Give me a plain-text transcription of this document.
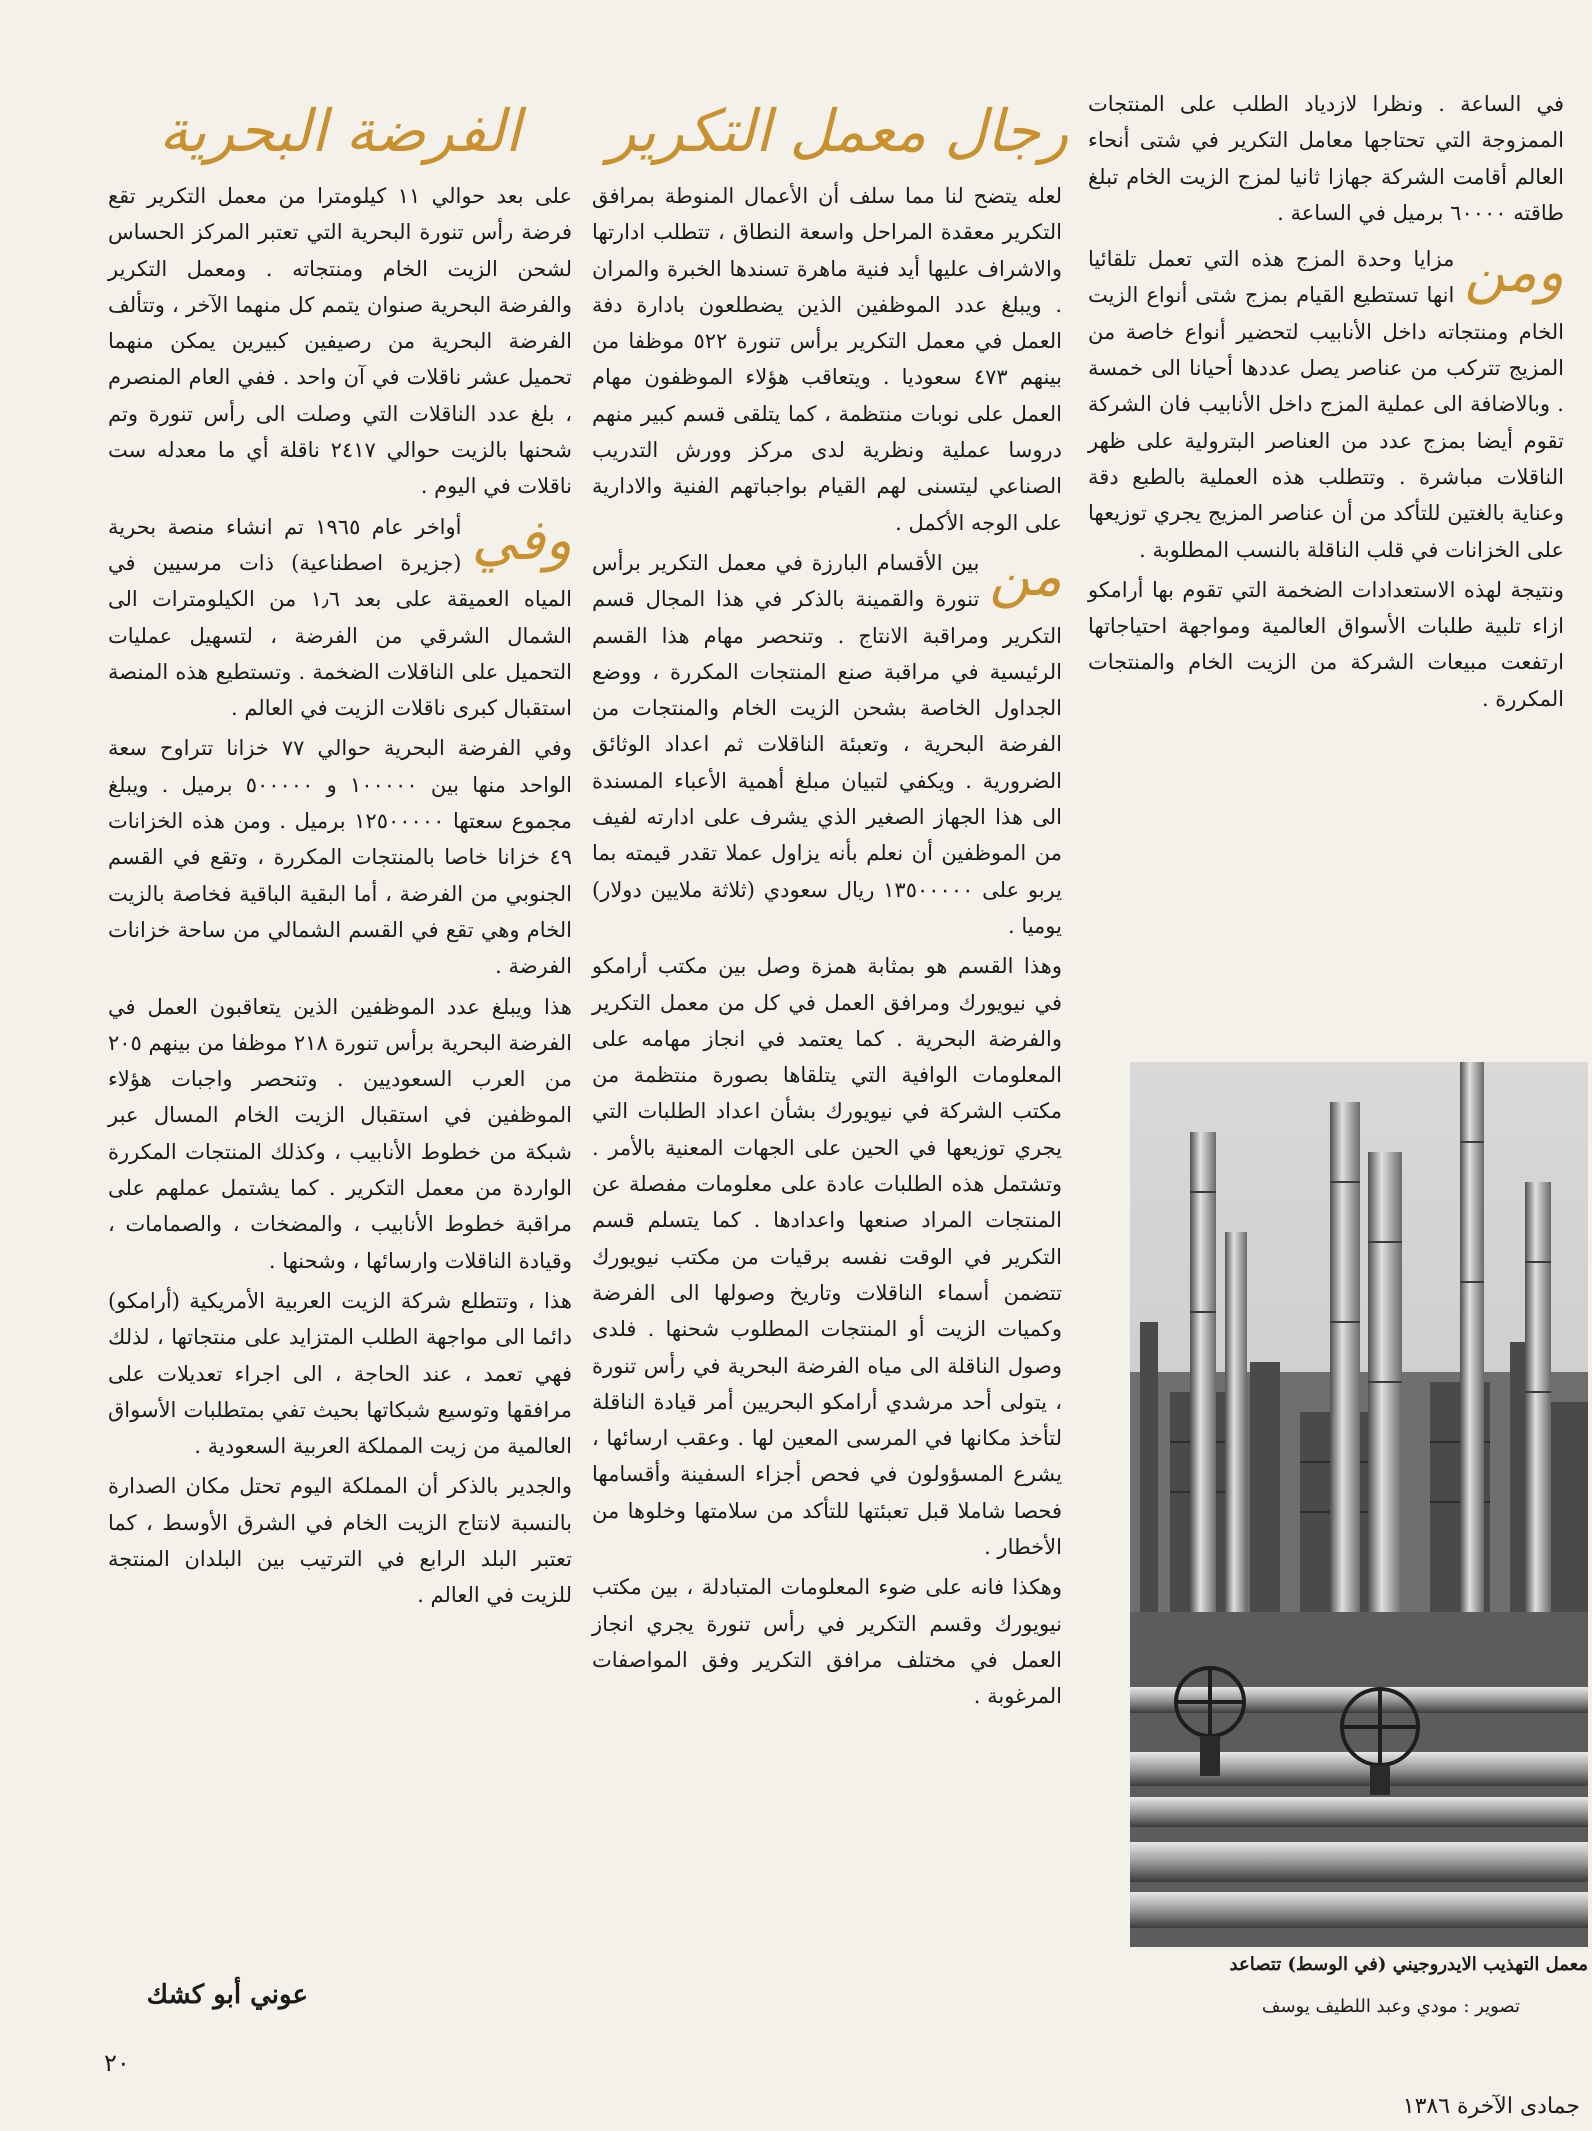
رجال معمل التكرير
الفرضة البحرية	في الساعة . ونظرا لازدياد الطلب على المنتجات الممزوجة التي تحتاجها معامل التكرير في شتى أنحاء العالم أقامت الشركة جهازا ثانيا لمزج الزيت الخام تبلغ طاقته ٦٠٠٠٠ برميل في الساعة .

ومن
مزايا وحدة المزج هذه التي تعمل تلقائيا انها تستطيع القيام بمزج شتى أنواع الزيت الخام ومنتجاته داخل الأنابيب لتحضير أنواع خاصة من المزيج تتركب من عناصر يصل عددها أحيانا الى خمسة . وبالاضافة الى عملية المزج داخل الأنابيب فان الشركة تقوم أيضا بمزج عدد من العناصر البترولية على ظهر الناقلات مباشرة . وتتطلب هذه العملية بالطبع دقة وعناية بالغتين للتأكد من أن عناصر المزيج يجري توزيعها على الخزانات في قلب الناقلة بالنسب المطلوبة .

ونتيجة لهذه الاستعدادات الضخمة التي تقوم بها أرامكو ازاء تلبية طلبات الأسواق العالمية ومواجهة احتياجاتها ارتفعت مبيعات الشركة من الزيت الخام والمنتجات المكررة .

لعله يتضح لنا مما سلف أن الأعمال المنوطة بمرافق التكرير معقدة المراحل واسعة النطاق ، تتطلب ادارتها والاشراف عليها أيد فنية ماهرة تسندها الخبرة والمران . ويبلغ عدد الموظفين الذين يضطلعون بادارة دفة العمل في معمل التكرير برأس تنورة ٥٢٢ موظفا من بينهم ٤٧٣ سعوديا . ويتعاقب هؤلاء الموظفون مهام العمل على نوبات منتظمة ، كما يتلقى قسم كبير منهم دروسا عملية ونظرية لدى مركز وورش التدريب الصناعي ليتسنى لهم القيام بواجباتهم الفنية والادارية على الوجه الأكمل .

من
بين الأقسام البارزة في معمل التكرير برأس تنورة والقمينة بالذكر في هذا المجال قسم التكرير ومراقبة الانتاج . وتنحصر مهام هذا القسم الرئيسية في مراقبة صنع المنتجات المكررة ، ووضع الجداول الخاصة بشحن الزيت الخام والمنتجات من الفرضة البحرية ، وتعبئة الناقلات ثم اعداد الوثائق الضرورية . ويكفي لتبيان مبلغ أهمية الأعباء المسندة الى هذا الجهاز الصغير الذي يشرف على ادارته لفيف من الموظفين أن نعلم بأنه يزاول عملا تقدر قيمته بما يربو على ١٣٥٠٠٠٠٠ ريال سعودي (ثلاثة ملايين دولار) يوميا .

وهذا القسم هو بمثابة همزة وصل بين مكتب أرامكو في نيويورك ومرافق العمل في كل من معمل التكرير والفرضة البحرية . كما يعتمد في انجاز مهامه على المعلومات الوافية التي يتلقاها بصورة منتظمة من مكتب الشركة في نيويورك بشأن اعداد الطلبات التي يجري توزيعها في الحين على الجهات المعنية بالأمر . وتشتمل هذه الطلبات عادة على معلومات مفصلة عن المنتجات المراد صنعها واعدادها . كما يتسلم قسم التكرير في الوقت نفسه برقيات من مكتب نيويورك تتضمن أسماء الناقلات وتاريخ وصولها الى الفرضة وكميات الزيت أو المنتجات المطلوب شحنها . فلدى وصول الناقلة الى مياه الفرضة البحرية في رأس تنورة ، يتولى أحد مرشدي أرامكو البحريين أمر قيادة الناقلة لتأخذ مكانها في المرسى المعين لها . وعقب ارسائها ، يشرع المسؤولون في فحص أجزاء السفينة وأقسامها فحصا شاملا قبل تعبئتها للتأكد من سلامتها وخلوها من الأخطار .

وهكذا فانه على ضوء المعلومات المتبادلة ، بين مكتب نيويورك وقسم التكرير في رأس تنورة يجري انجاز العمل في مختلف مرافق التكرير وفق المواصفات المرغوبة .

على بعد حوالي ١١ كيلومترا من معمل التكرير تقع فرضة رأس تنورة البحرية التي تعتبر المركز الحساس لشحن الزيت الخام ومنتجاته . ومعمل التكرير والفرضة البحرية صنوان يتمم كل منهما الآخر ، وتتألف الفرضة البحرية من رصيفين كبيرين يمكن منهما تحميل عشر ناقلات في آن واحد . ففي العام المنصرم ، بلغ عدد الناقلات التي وصلت الى رأس تنورة وتم شحنها بالزيت حوالي ٢٤١٧ ناقلة أي ما معدله ست ناقلات في اليوم .

وفي
أواخر عام ١٩٦٥ تم انشاء منصة بحرية (جزيرة اصطناعية) ذات مرسيين في المياه العميقة على بعد ١٫٦ من الكيلومترات الى الشمال الشرقي من الفرضة ، لتسهيل عمليات التحميل على الناقلات الضخمة . وتستطيع هذه المنصة استقبال كبرى ناقلات الزيت في العالم .

وفي الفرضة البحرية حوالي ٧٧ خزانا تتراوح سعة الواحد منها بين ١٠٠٠٠٠ و ٥٠٠٠٠٠ برميل . ويبلغ مجموع سعتها ١٢٥٠٠٠٠٠ برميل . ومن هذه الخزانات ٤٩ خزانا خاصا بالمنتجات المكررة ، وتقع في القسم الجنوبي من الفرضة ، أما البقية الباقية فخاصة بالزيت الخام وهي تقع في القسم الشمالي من ساحة خزانات الفرضة .

هذا ويبلغ عدد الموظفين الذين يتعاقبون العمل في الفرضة البحرية برأس تنورة ٢١٨ موظفا من بينهم ٢٠٥ من العرب السعوديين . وتنحصر واجبات هؤلاء الموظفين في استقبال الزيت الخام المسال عبر شبكة من خطوط الأنابيب ، وكذلك المنتجات المكررة الواردة من معمل التكرير . كما يشتمل عملهم على مراقبة خطوط الأنابيب ، والمضخات ، والصمامات ، وقيادة الناقلات وارسائها ، وشحنها .

هذا ، وتتطلع شركة الزيت العربية الأمريكية (أرامكو) دائما الى مواجهة الطلب المتزايد على منتجاتها ، لذلك فهي تعمد ، عند الحاجة ، الى اجراء تعديلات على مرافقها وتوسيع شبكاتها بحيث تفي بمتطلبات الأسواق العالمية من زيت المملكة العربية السعودية .

والجدير بالذكر أن المملكة اليوم تحتل مكان الصدارة بالنسبة لانتاج الزيت الخام في الشرق الأوسط ، كما تعتبر البلد الرابع في الترتيب بين البلدان المنتجة للزيت في العالم .

عوني أبو كشك
معمل التهذيب الايدروجيني (في الوسط) تتصاعد
تصوير : مودي وعبد اللطيف يوسف
٢٠
جمادى الآخرة ١٣٨٦
